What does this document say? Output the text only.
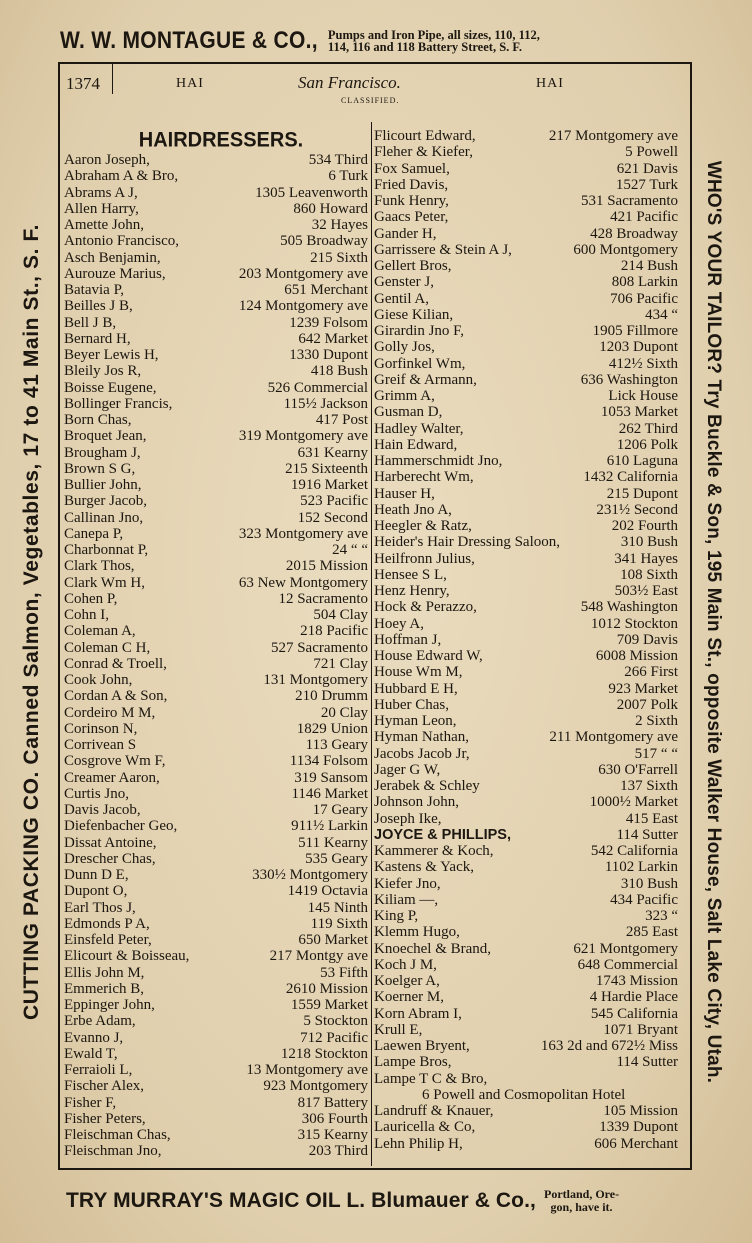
W. W. MONTAGUE & CO., Pumps and Iron Pipe, all sizes, 110, 112,
114, 116 and 118 Battery Street, S. F.
1374	HAI	San Francisco.	HAI
CLASSIFIED.
HAIRDRESSERS.
Aaron Joseph,	534 Third
Abraham A & Bro,	6 Turk
Abrams A J,	1305 Leavenworth
Allen Harry,	860 Howard
Amette John,	32 Hayes
Antonio Francisco,	505 Broadway
Asch Benjamin,	215 Sixth
Aurouze Marius,	203 Montgomery ave
Batavia P,	651 Merchant
Beilles J B,	124 Montgomery ave
Bell J B,	1239 Folsom
Bernard H,	642 Market
Beyer Lewis H,	1330 Dupont
Bleily Jos R,	418 Bush
Boisse Eugene,	526 Commercial
Bollinger Francis,	115½ Jackson
Born Chas,	417 Post
Broquet Jean,	319 Montgomery ave
Brougham J,	631 Kearny
Brown S G,	215 Sixteenth
Bullier John,	1916 Market
Burger Jacob,	523 Pacific
Callinan Jno,	152 Second
Canepa P,	323 Montgomery ave
Charbonnat P,	24 “ “
Clark Thos,	2015 Mission
Clark Wm H,	63 New Montgomery
Cohen P,	12 Sacramento
Cohn I,	504 Clay
Coleman A,	218 Pacific
Coleman C H,	527 Sacramento
Conrad & Troell,	721 Clay
Cook John,	131 Montgomery
Cordan A & Son,	210 Drumm
Cordeiro M M,	20 Clay
Corinson N,	1829 Union
Corrivean S	113 Geary
Cosgrove Wm F,	1134 Folsom
Creamer Aaron,	319 Sansom
Curtis Jno,	1146 Market
Davis Jacob,	17 Geary
Diefenbacher Geo,	911½ Larkin
Dissat Antoine,	511 Kearny
Drescher Chas,	535 Geary
Dunn D E,	330½ Montgomery
Dupont O,	1419 Octavia
Earl Thos J,	145 Ninth
Edmonds P A,	119 Sixth
Einsfeld Peter,	650 Market
Elicourt & Boisseau,	217 Montgy ave
Ellis John M,	53 Fifth
Emmerich B,	2610 Mission
Eppinger John,	1559 Market
Erbe Adam,	5 Stockton
Evanno J,	712 Pacific
Ewald T,	1218 Stockton
Ferraioli L,	13 Montgomery ave
Fischer Alex,	923 Montgomery
Fisher F,	817 Battery
Fisher Peters,	306 Fourth
Fleischman Chas,	315 Kearny
Fleischman Jno,	203 Third
Flicourt Edward,	217 Montgomery ave
Fleher & Kiefer,	5 Powell
Fox Samuel,	621 Davis
Fried Davis,	1527 Turk
Funk Henry,	531 Sacramento
Gaacs Peter,	421 Pacific
Gander H,	428 Broadway
Garrissere & Stein A J,	600 Montgomery
Gellert Bros,	214 Bush
Genster J,	808 Larkin
Gentil A,	706 Pacific
Giese Kilian,	434 “
Girardin Jno F,	1905 Fillmore
Golly Jos,	1203 Dupont
Gorfinkel Wm,	412½ Sixth
Greif & Armann,	636 Washington
Grimm A,	Lick House
Gusman D,	1053 Market
Hadley Walter,	262 Third
Hain Edward,	1206 Polk
Hammerschmidt Jno,	610 Laguna
Harberecht Wm,	1432 California
Hauser H,	215 Dupont
Heath Jno A,	231½ Second
Heegler & Ratz,	202 Fourth
Heider's Hair Dressing Saloon,	310 Bush
Heilfronn Julius,	341 Hayes
Hensee S L,	108 Sixth
Henz Henry,	503½ East
Hock & Perazzo,	548 Washington
Hoey A,	1012 Stockton
Hoffman J,	709 Davis
House Edward W,	6008 Mission
House Wm M,	266 First
Hubbard E H,	923 Market
Huber Chas,	2007 Polk
Hyman Leon,	2 Sixth
Hyman Nathan,	211 Montgomery ave
Jacobs Jacob Jr,	517 “ “
Jager G W,	630 O'Farrell
Jerabek & Schley	137 Sixth
Johnson John,	1000½ Market
Joseph Ike,	415 East
JOYCE & PHILLIPS,	114 Sutter
Kammerer & Koch,	542 California
Kastens & Yack,	1102 Larkin
Kiefer Jno,	310 Bush
Kiliam —,	434 Pacific
King P,	323 “
Klemm Hugo,	285 East
Knoechel & Brand,	621 Montgomery
Koch J M,	648 Commercial
Koelger A,	1743 Mission
Koerner M,	4 Hardie Place
Korn Abram I,	545 California
Krull E,	1071 Bryant
Laewen Bryent,	163 2d and 672½ Miss
Lampe Bros,	114 Sutter
Lampe T C & Bro,
6 Powell and Cosmopolitan Hotel
Landruff & Knauer,	105 Mission
Lauricella & Co,	1339 Dupont
Lehn Philip H,	606 Merchant
CUTTING PACKING CO. Canned Salmon, Vegetables, 17 to 41 Main St., S. F.	WHO'S YOUR TAILOR? Try Buckle & Son, 195 Main St., opposite Walker House, Salt Lake City, Utah.
TRY MURRAY'S MAGIC OIL L. Blumauer & Co., Portland, Ore-
gon, have it.
